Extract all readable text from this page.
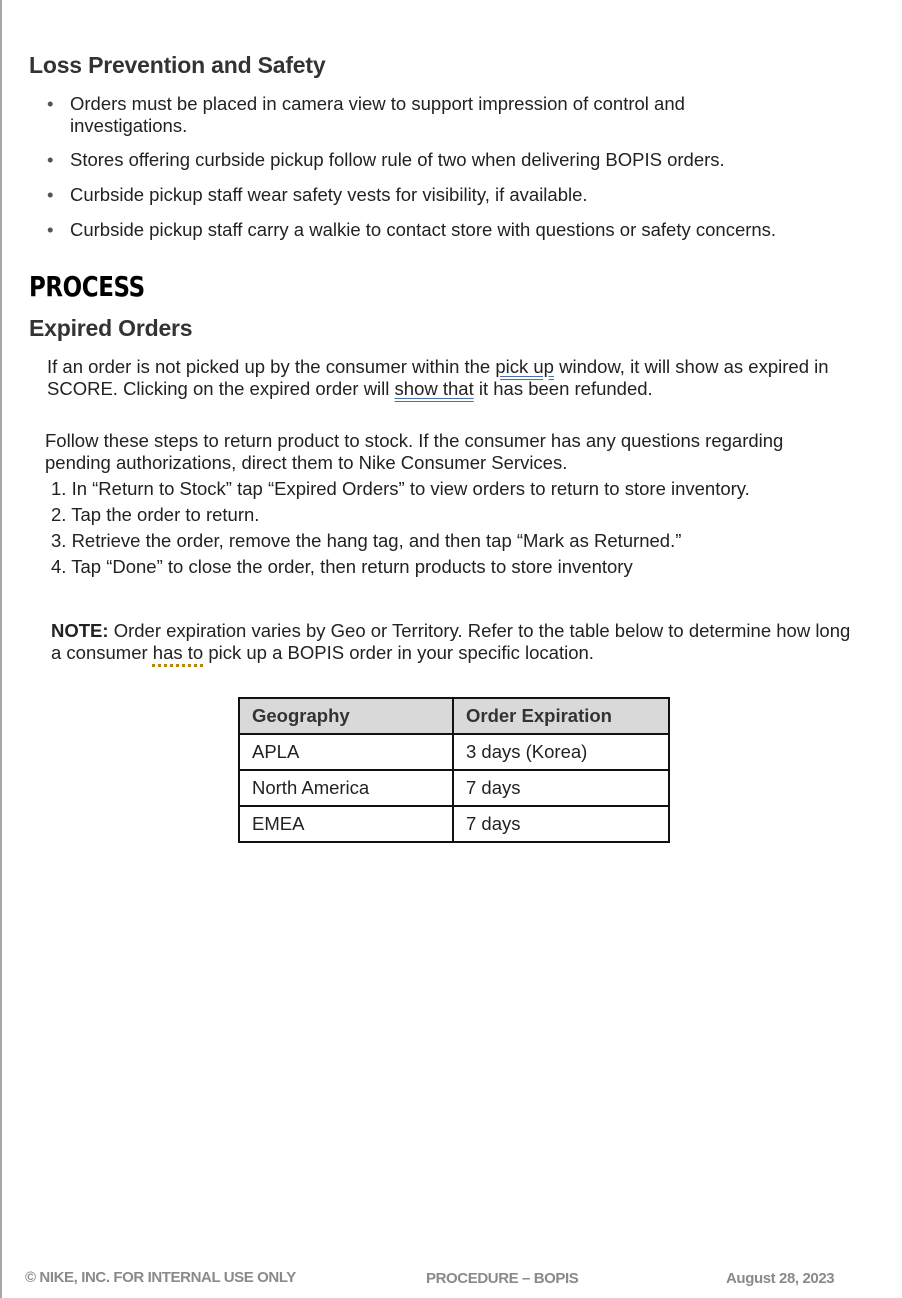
Loss Prevention and Safety
• Orders must be placed in camera view to support impression of control and investigations.
• Stores offering curbside pickup follow rule of two when delivering BOPIS orders.
• Curbside pickup staff wear safety vests for visibility, if available.
• Curbside pickup staff carry a walkie to contact store with questions or safety concerns.
PROCESS
Expired Orders

If an order is not picked up by the consumer within the pick up window, it will show as expired in SCORE. Clicking on the expired order will show that it has been refunded.

Follow these steps to return product to stock. If the consumer has any questions regarding pending authorizations, direct them to Nike Consumer Services.

1. In “Return to Stock” tap “Expired Orders” to view orders to return to store inventory.
2. Tap the order to return.
3. Retrieve the order, remove the hang tag, and then tap “Mark as Returned.”
4. Tap “Done” to close the order, then return products to store inventory

NOTE: Order expiration varies by Geo or Territory. Refer to the table below to determine how long a consumer has to pick up a BOPIS order in your specific location.

Geography	Order Expiration
APLA	3 days (Korea)
North America	7 days
EMEA	7 days
© NIKE, INC. FOR INTERNAL USE ONLY	PROCEDURE – BOPIS	August 28, 2023
